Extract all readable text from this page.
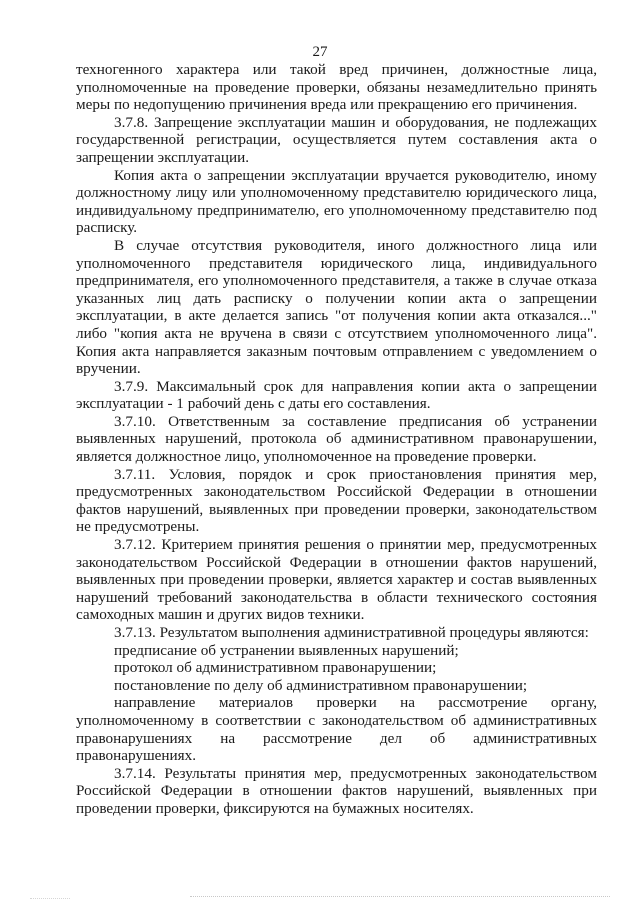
27

техногенного характера или такой вред причинен, должностные лица, уполномоченные на проведение проверки, обязаны незамедлительно принять меры по недопущению причинения вреда или прекращению его причинения.

3.7.8. Запрещение эксплуатации машин и оборудования, не подлежащих государственной регистрации, осуществляется путем составления акта о запрещении эксплуатации.

Копия акта о запрещении эксплуатации вручается руководителю, иному должностному лицу или уполномоченному представителю юридического лица, индивидуальному предпринимателю, его уполномоченному представителю под расписку.

В случае отсутствия руководителя, иного должностного лица или уполномоченного представителя юридического лица, индивидуального предпринимателя, его уполномоченного представителя, а также в случае отказа указанных лиц дать расписку о получении копии акта о запрещении эксплуатации, в акте делается запись "от получения копии акта отказался..." либо "копия акта не вручена в связи с отсутствием уполномоченного лица". Копия акта направляется заказным почтовым отправлением с уведомлением о вручении.

3.7.9. Максимальный срок для направления копии акта о запрещении эксплуатации - 1 рабочий день с даты его составления.

3.7.10. Ответственным за составление предписания об устранении выявленных нарушений, протокола об административном правонарушении, является должностное лицо, уполномоченное на проведение проверки.

3.7.11. Условия, порядок и срок приостановления принятия мер, предусмотренных законодательством Российской Федерации в отношении фактов нарушений, выявленных при проведении проверки, законодательством не предусмотрены.

3.7.12. Критерием принятия решения о принятии мер, предусмотренных законодательством Российской Федерации в отношении фактов нарушений, выявленных при проведении проверки, является характер и состав выявленных нарушений требований законодательства в области технического состояния самоходных машин и других видов техники.

3.7.13. Результатом выполнения административной процедуры являются:

предписание об устранении выявленных нарушений;

протокол об административном правонарушении;

постановление по делу об административном правонарушении;

направление материалов проверки на рассмотрение органу, уполномоченному в соответствии с законодательством об административных правонарушениях на рассмотрение дел об административных правонарушениях.

3.7.14. Результаты принятия мер, предусмотренных законодательством Российской Федерации в отношении фактов нарушений, выявленных при проведении проверки, фиксируются на бумажных носителях.
